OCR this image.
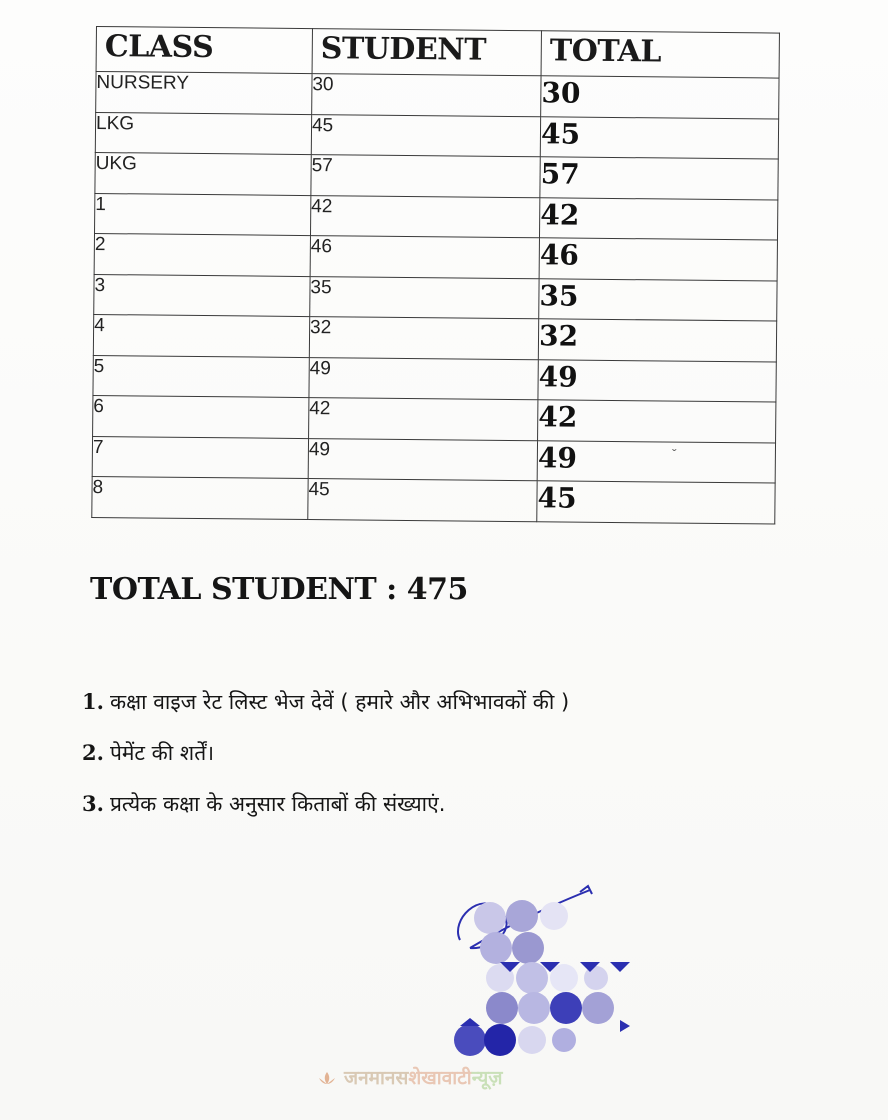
CLASS	STUDENT	TOTAL
NURSERY	30	30
LKG	45	45
UKG	57	57
1	42	42
2	46	46
3	35	35
4	32	32
5	49	49
6	42	42
7	49	49
8	45	45
ˇ
TOTAL STUDENT : 475
1. कक्षा वाइज रेट लिस्ट भेज देवें ( हमारे और अभिभावकों की )
2. पेमेंट की शर्तें।
3. प्रत्येक कक्षा के अनुसार किताबों की संख्याएं.
जनमानसशेखावाटीन्यूज़
